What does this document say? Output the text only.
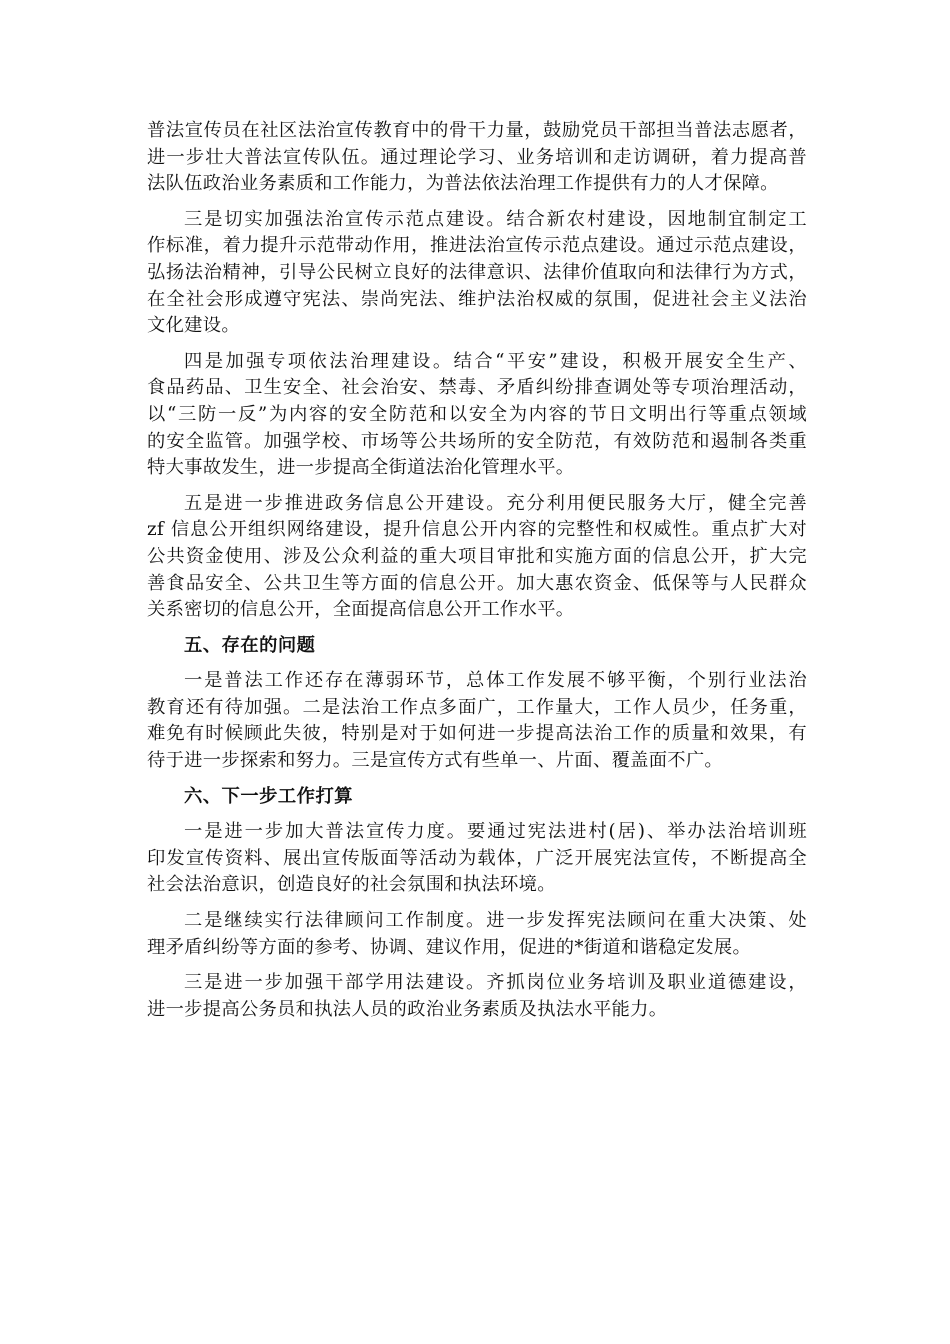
普法宣传员在社区法治宣传教育中的骨干力量，鼓励党员干部担当普法志愿者，
进一步壮大普法宣传队伍。通过理论学习、业务培训和走访调研，着力提高普
法队伍政治业务素质和工作能力，为普法依法治理工作提供有力的人才保障。
三是切实加强法治宣传示范点建设。结合新农村建设，因地制宜制定工
作标准，着力提升示范带动作用，推进法治宣传示范点建设。通过示范点建设，
弘扬法治精神，引导公民树立良好的法律意识、法律价值取向和法律行为方式，
在全社会形成遵守宪法、崇尚宪法、维护法治权威的氛围，促进社会主义法治
文化建设。
四是加强专项依法治理建设。结合“平安”建设，积极开展安全生产、
食品药品、卫生安全、社会治安、禁毒、矛盾纠纷排查调处等专项治理活动，
以“三防一反”为内容的安全防范和以安全为内容的节日文明出行等重点领域
的安全监管。加强学校、市场等公共场所的安全防范，有效防范和遏制各类重
特大事故发生，进一步提高全街道法治化管理水平。
五是进一步推进政务信息公开建设。充分利用便民服务大厅，健全完善
zf 信息公开组织网络建设，提升信息公开内容的完整性和权威性。重点扩大对
公共资金使用、涉及公众利益的重大项目审批和实施方面的信息公开，扩大完
善食品安全、公共卫生等方面的信息公开。加大惠农资金、低保等与人民群众
关系密切的信息公开，全面提高信息公开工作水平。
五、存在的问题
一是普法工作还存在薄弱环节，总体工作发展不够平衡，个别行业法治
教育还有待加强。二是法治工作点多面广，工作量大，工作人员少，任务重，
难免有时候顾此失彼，特别是对于如何进一步提高法治工作的质量和效果，有
待于进一步探索和努力。三是宣传方式有些单一、片面、覆盖面不广。
六、下一步工作打算
一是进一步加大普法宣传力度。要通过宪法进村(居)、举办法治培训班
印发宣传资料、展出宣传版面等活动为载体，广泛开展宪法宣传，不断提高全
社会法治意识，创造良好的社会氛围和执法环境。
二是继续实行法律顾问工作制度。进一步发挥宪法顾问在重大决策、处
理矛盾纠纷等方面的参考、协调、建议作用，促进的*街道和谐稳定发展。
三是进一步加强干部学用法建设。齐抓岗位业务培训及职业道德建设，
进一步提高公务员和执法人员的政治业务素质及执法水平能力。
